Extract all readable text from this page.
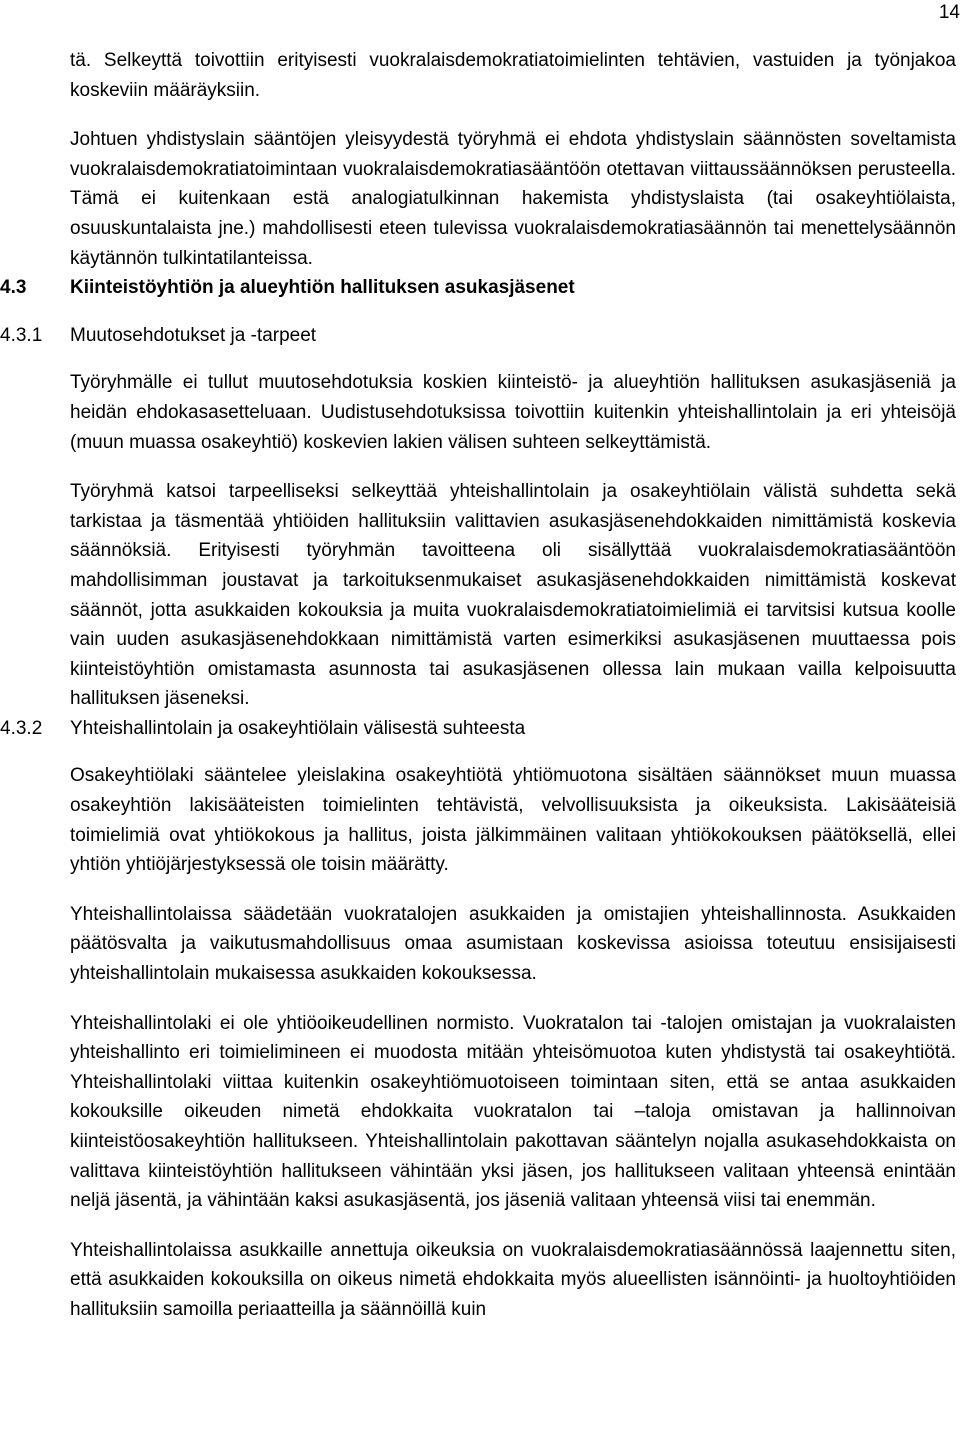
14

tä. Selkeyttä toivottiin erityisesti vuokralaisdemokratiatoimielinten tehtävien, vastuiden ja työnjakoa koskeviin määräyksiin.

Johtuen yhdistyslain sääntöjen yleisyydestä työryhmä ei ehdota yhdistyslain säännösten soveltamista vuokralaisdemokratiatoimintaan vuokralaisdemokratiasääntöön otettavan viittaussäännöksen perusteella. Tämä ei kuitenkaan estä analogiatulkinnan hakemista yhdistyslaista (tai osakeyhtiölaista, osuuskuntalaista jne.) mahdollisesti eteen tulevissa vuokralaisdemokratiasäännön tai menettelysäännön käytännön tulkintatilanteissa.

4.3 Kiinteistöyhtiön ja alueyhtiön hallituksen asukasjäsenet
4.3.1 Muutosehdotukset ja -tarpeet

Työryhmälle ei tullut muutosehdotuksia koskien kiinteistö- ja alueyhtiön hallituksen asukasjäseniä ja heidän ehdokasasetteluaan. Uudistusehdotuksissa toivottiin kuitenkin yhteishallintolain ja eri yhteisöjä (muun muassa osakeyhtiö) koskevien lakien välisen suhteen selkeyttämistä.

Työryhmä katsoi tarpeelliseksi selkeyttää yhteishallintolain ja osakeyhtiölain välistä suhdetta sekä tarkistaa ja täsmentää yhtiöiden hallituksiin valittavien asukasjäsenehdokkaiden nimittämistä koskevia säännöksiä. Erityisesti työryhmän tavoitteena oli sisällyttää vuokralaisdemokratiasääntöön mahdollisimman joustavat ja tarkoituksenmukaiset asukasjäsenehdokkaiden nimittämistä koskevat säännöt, jotta asukkaiden kokouksia ja muita vuokralaisdemokratiatoimielimiä ei tarvitsisi kutsua koolle vain uuden asukasjäsenehdokkaan nimittämistä varten esimerkiksi asukasjäsenen muuttaessa pois kiinteistöyhtiön omistamasta asunnosta tai asukasjäsenen ollessa lain mukaan vailla kelpoisuutta hallituksen jäseneksi.

4.3.2 Yhteishallintolain ja osakeyhtiölain välisestä suhteesta

Osakeyhtiölaki sääntelee yleislakina osakeyhtiötä yhtiömuotona sisältäen säännökset muun muassa osakeyhtiön lakisääteisten toimielinten tehtävistä, velvollisuuksista ja oikeuksista. Lakisääteisiä toimielimiä ovat yhtiökokous ja hallitus, joista jälkimmäinen valitaan yhtiökokouksen päätöksellä, ellei yhtiön yhtiöjärjestyksessä ole toisin määrätty.

Yhteishallintolaissa säädetään vuokratalojen asukkaiden ja omistajien yhteishallinnosta. Asukkaiden päätösvalta ja vaikutusmahdollisuus omaa asumistaan koskevissa asioissa toteutuu ensisijaisesti yhteishallintolain mukaisessa asukkaiden kokouksessa.

Yhteishallintolaki ei ole yhtiöoikeudellinen normisto. Vuokratalon tai -talojen omistajan ja vuokralaisten yhteishallinto eri toimielimineen ei muodosta mitään yhteisömuotoa kuten yhdistystä tai osakeyhtiötä. Yhteishallintolaki viittaa kuitenkin osakeyhtiömuotoiseen toimintaan siten, että se antaa asukkaiden kokouksille oikeuden nimetä ehdokkaita vuokratalon tai –taloja omistavan ja hallinnoivan kiinteistöosakeyhtiön hallitukseen. Yhteishallintolain pakottavan sääntelyn nojalla asukasehdokkaista on valittava kiinteistöyhtiön hallitukseen vähintään yksi jäsen, jos hallitukseen valitaan yhteensä enintään neljä jäsentä, ja vähintään kaksi asukasjäsentä, jos jäseniä valitaan yhteensä viisi tai enemmän.

Yhteishallintolaissa asukkaille annettuja oikeuksia on vuokralaisdemokratiasäännössä laajennettu siten, että asukkaiden kokouksilla on oikeus nimetä ehdokkaita myös alueellisten isännöinti- ja huoltoyhtiöiden hallituksiin samoilla periaatteilla ja säännöillä kuin
